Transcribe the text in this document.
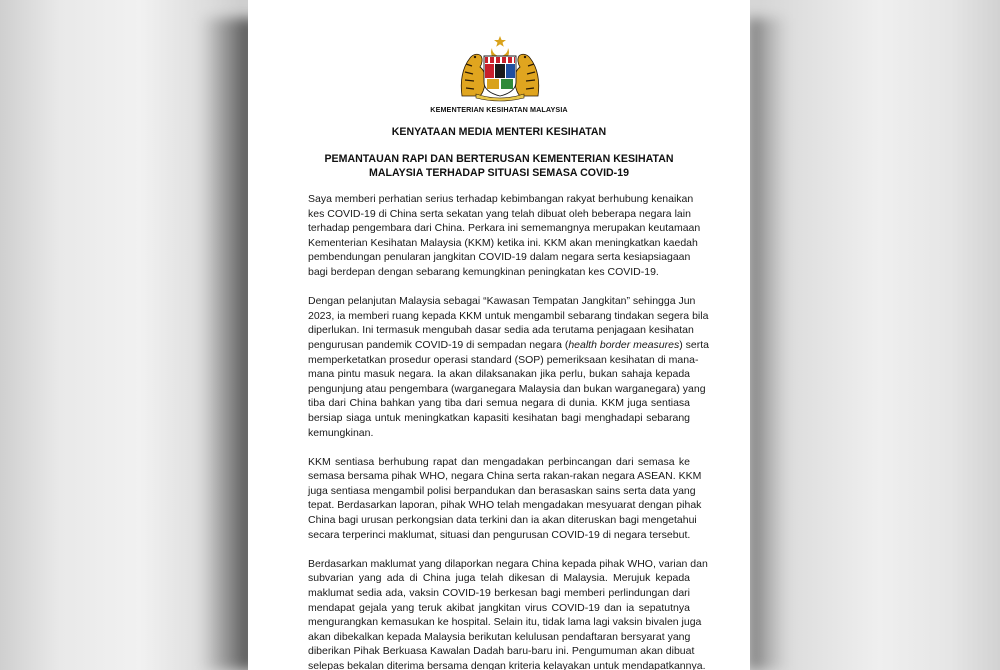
KEMENTERIAN KESIHATAN MALAYSIA
KENYATAAN MEDIA MENTERI KESIHATAN
PEMANTAUAN RAPI DAN BERTERUSAN KEMENTERIAN KESIHATAN
MALAYSIA TERHADAP SITUASI SEMASA COVID-19
Saya memberi perhatian serius terhadap kebimbangan rakyat berhubung kenaikan
kes COVID-19 di China serta sekatan yang telah dibuat oleh beberapa negara lain
terhadap pengembara dari China. Perkara ini sememangnya merupakan keutamaan
Kementerian Kesihatan Malaysia (KKM) ketika ini. KKM akan meningkatkan kaedah
pembendungan penularan jangkitan COVID-19 dalam negara serta kesiapsiagaan
bagi berdepan dengan sebarang kemungkinan peningkatan kes COVID-19.
Dengan pelanjutan Malaysia sebagai “Kawasan Tempatan Jangkitan” sehingga Jun
2023, ia memberi ruang kepada KKM untuk mengambil sebarang tindakan segera bila
diperlukan. Ini termasuk mengubah dasar sedia ada terutama penjagaan kesihatan
pengurusan pandemik COVID-19 di sempadan negara (health border measures) serta
memperketatkan prosedur operasi standard (SOP) pemeriksaan kesihatan di mana-
mana pintu masuk negara. Ia akan dilaksanakan jika perlu, bukan sahaja kepada
pengunjung atau pengembara (warganegara Malaysia dan bukan warganegara) yang
tiba dari China bahkan yang tiba dari semua negara di dunia. KKM juga sentiasa
bersiap siaga untuk meningkatkan kapasiti kesihatan bagi menghadapi sebarang
kemungkinan.
KKM sentiasa berhubung rapat dan mengadakan perbincangan dari semasa ke
semasa bersama pihak WHO, negara China serta rakan-rakan negara ASEAN. KKM
juga sentiasa mengambil polisi berpandukan dan berasaskan sains serta data yang
tepat. Berdasarkan laporan, pihak WHO telah mengadakan mesyuarat dengan pihak
China bagi urusan perkongsian data terkini dan ia akan diteruskan bagi mengetahui
secara terperinci maklumat, situasi dan pengurusan COVID-19 di negara tersebut.
Berdasarkan maklumat yang dilaporkan negara China kepada pihak WHO, varian dan
subvarian yang ada di China juga telah dikesan di Malaysia. Merujuk kepada
maklumat sedia ada, vaksin COVID-19 berkesan bagi memberi perlindungan dari
mendapat gejala yang teruk akibat jangkitan virus COVID-19 dan ia sepatutnya
mengurangkan kemasukan ke hospital. Selain itu, tidak lama lagi vaksin bivalen juga
akan dibekalkan kepada Malaysia berikutan kelulusan pendaftaran bersyarat yang
diberikan Pihak Berkuasa Kawalan Dadah baru-baru ini. Pengumuman akan dibuat
selepas bekalan diterima bersama dengan kriteria kelayakan untuk mendapatkannya.
